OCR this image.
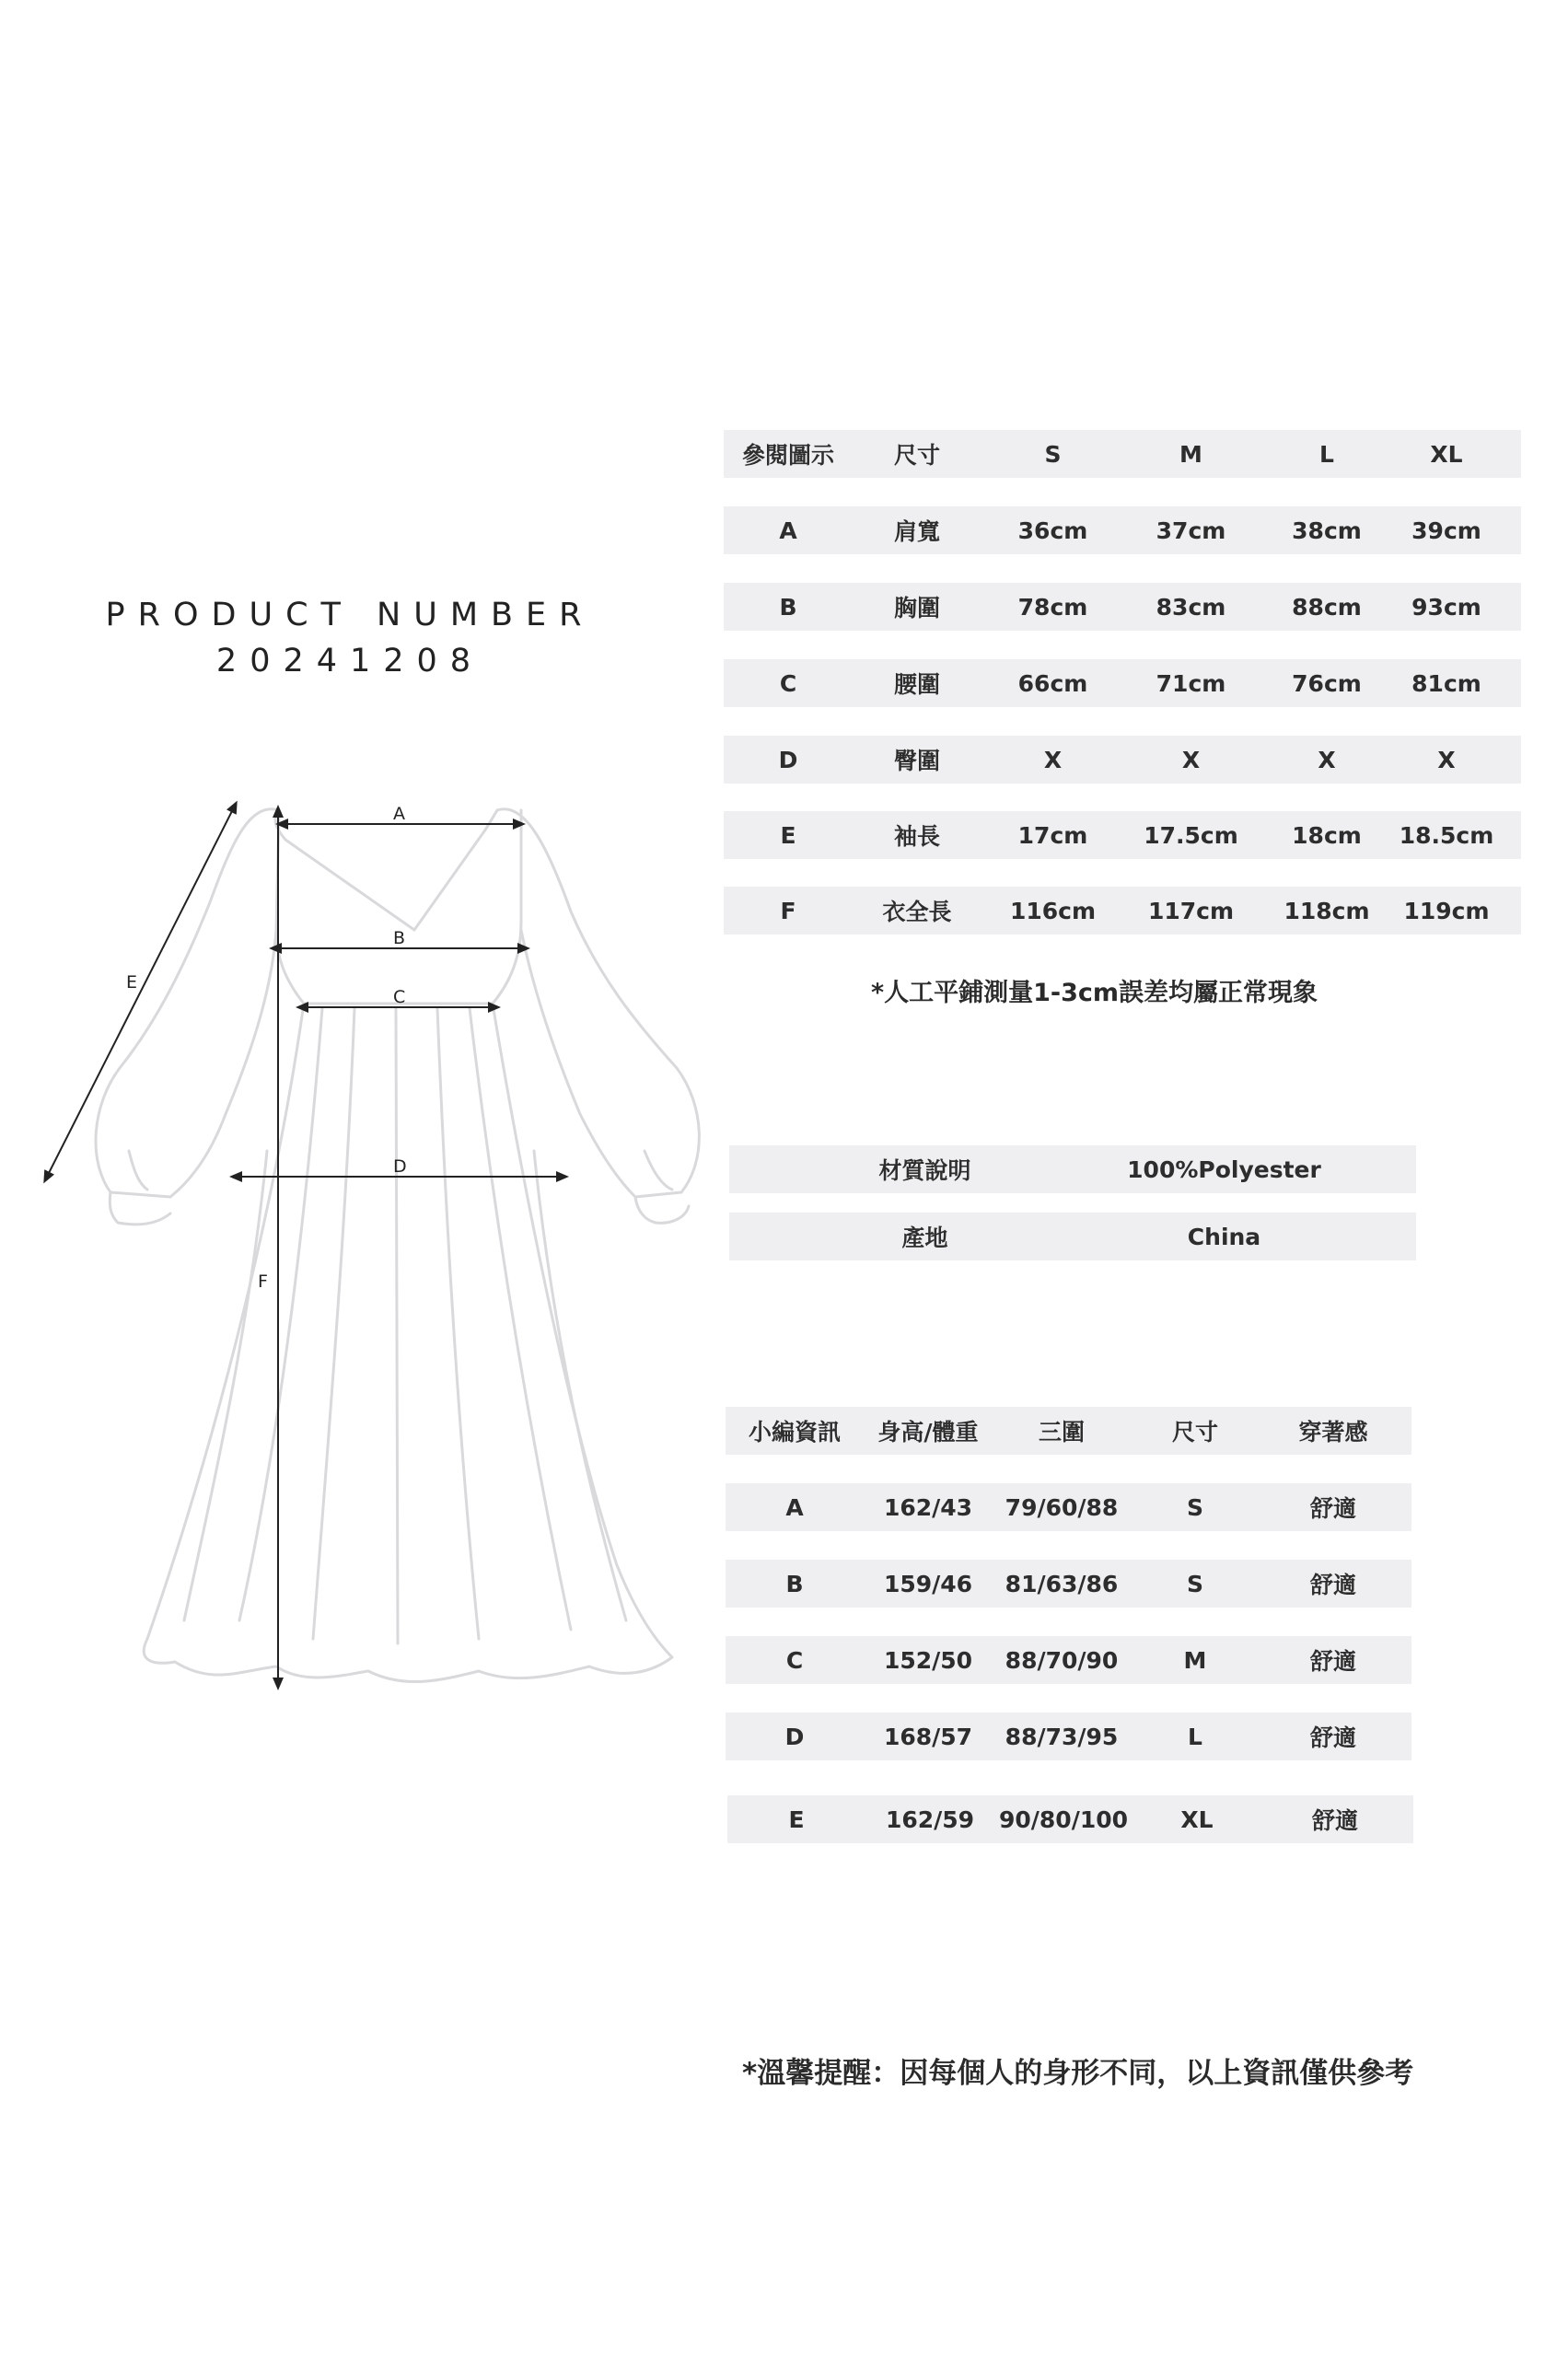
PRODUCT NUMBER
20241208
A
B
C
D
E
F
參閱圖示	尺寸	S	M	L	XL
A	肩寬	36cm	37cm	38cm	39cm
B	胸圍	78cm	83cm	88cm	93cm
C	腰圍	66cm	71cm	76cm	81cm
D	臀圍	X	X	X	X
E	袖長	17cm	17.5cm	18cm	18.5cm
F	衣全長	116cm	117cm	118cm	119cm
*人工平鋪測量1-3cm誤差均屬正常現象
材質說明	100%Polyester
產地	China
小編資訊	身高/體重	三圍	尺寸	穿著感
A	162/43	79/60/88	S	舒適
B	159/46	81/63/86	S	舒適
C	152/50	88/70/90	M	舒適
D	168/57	88/73/95	L	舒適
E	162/59	90/80/100	XL	舒適
*溫馨提醒：因每個人的身形不同，以上資訊僅供參考
